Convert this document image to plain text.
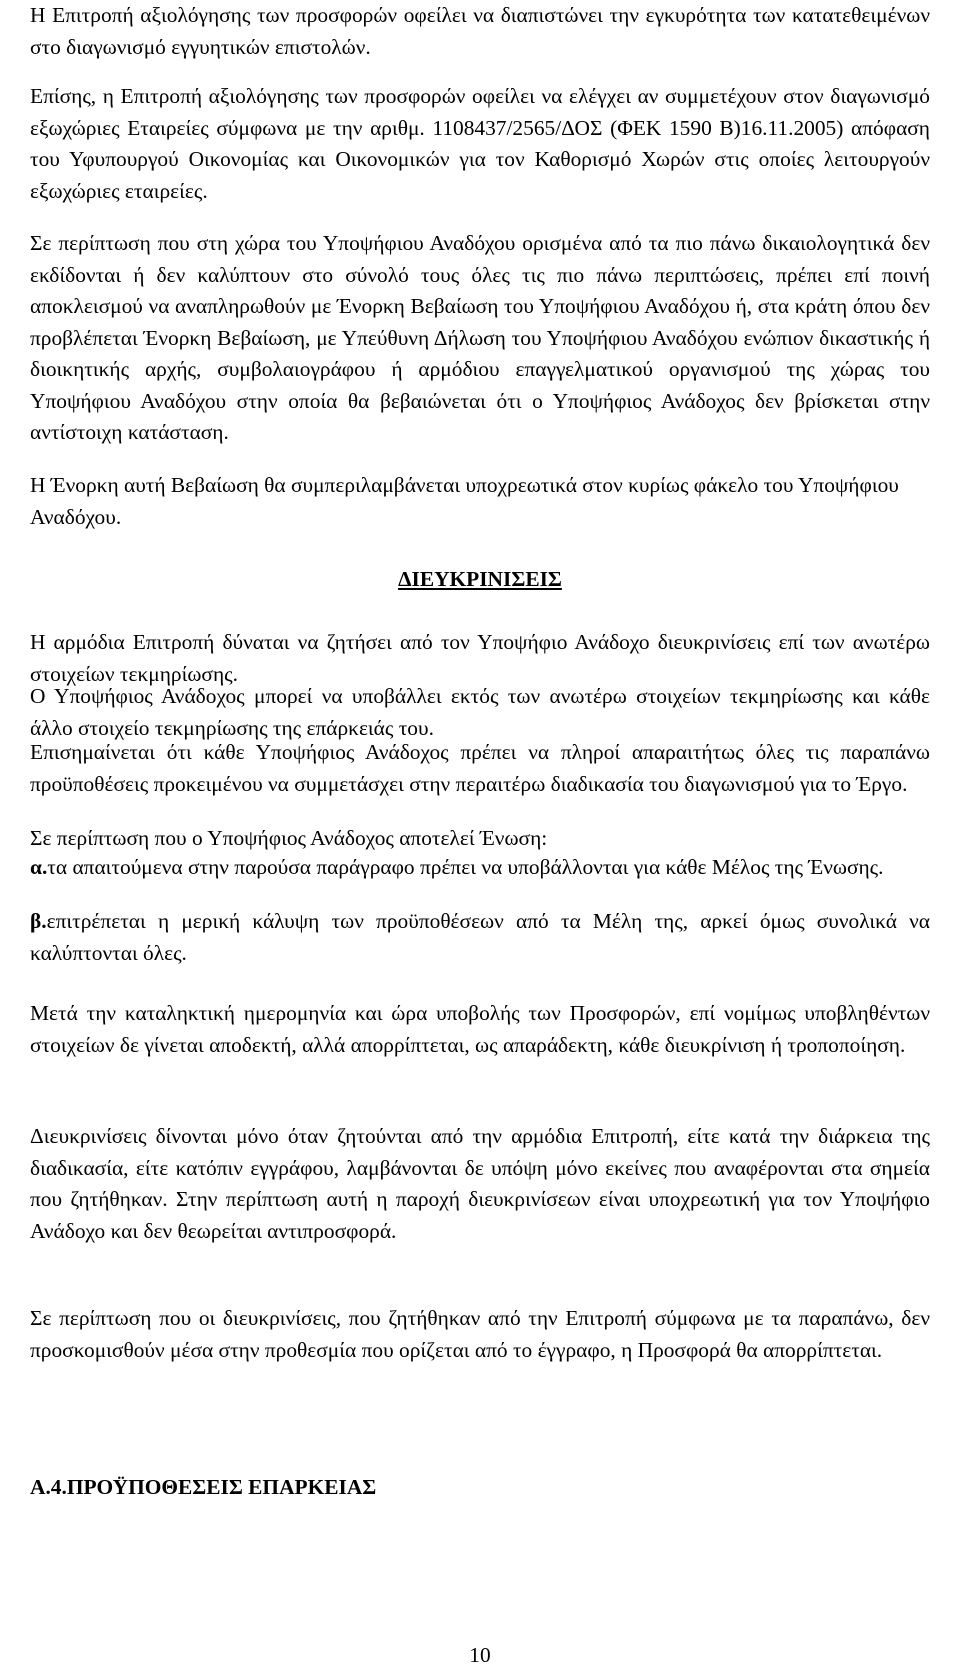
Η Επιτροπή αξιολόγησης των προσφορών οφείλει να διαπιστώνει την εγκυρότητα των κατατεθειμένων στο διαγωνισμό εγγυητικών επιστολών.

Επίσης, η Επιτροπή αξιολόγησης των προσφορών οφείλει να ελέγχει αν συμμετέχουν στον διαγωνισμό εξωχώριες Εταιρείες σύμφωνα με την αριθμ. 1108437/2565/ΔΟΣ (ΦΕΚ 1590 Β)16.11.2005) απόφαση του Υφυπουργού Οικονομίας και Οικονομικών για τον Καθορισμό Χωρών στις οποίες λειτουργούν εξωχώριες εταιρείες.

Σε περίπτωση που στη χώρα του Υποψήφιου Αναδόχου ορισμένα από τα πιο πάνω δικαιολογητικά δεν εκδίδονται ή δεν καλύπτουν στο σύνολό τους όλες τις πιο πάνω περιπτώσεις, πρέπει επί ποινή αποκλεισμού να αναπληρωθούν με Ένορκη Βεβαίωση του Υποψήφιου Αναδόχου ή, στα κράτη όπου δεν προβλέπεται Ένορκη Βεβαίωση, με Υπεύθυνη Δήλωση του Υποψήφιου Αναδόχου ενώπιον δικαστικής ή διοικητικής αρχής, συμβολαιογράφου ή αρμόδιου επαγγελματικού οργανισμού της χώρας του Υποψήφιου Αναδόχου στην οποία θα βεβαιώνεται ότι ο Υποψήφιος Ανάδοχος δεν βρίσκεται στην αντίστοιχη κατάσταση.

Η Ένορκη αυτή Βεβαίωση θα συμπεριλαμβάνεται υποχρεωτικά στον κυρίως φάκελο του Υποψήφιου Αναδόχου.

ΔΙΕΥΚΡΙΝΙΣΕΙΣ

Η αρμόδια Επιτροπή δύναται να ζητήσει από τον Υποψήφιο Ανάδοχο διευκρινίσεις επί των ανωτέρω στοιχείων τεκμηρίωσης.

Ο Υποψήφιος Ανάδοχος μπορεί να υποβάλλει εκτός των ανωτέρω στοιχείων τεκμηρίωσης και κάθε άλλο στοιχείο τεκμηρίωσης της επάρκειάς του.

Επισημαίνεται ότι κάθε Υποψήφιος Ανάδοχος πρέπει να πληροί απαραιτήτως όλες τις παραπάνω προϋποθέσεις προκειμένου να συμμετάσχει στην περαιτέρω διαδικασία του διαγωνισμού για το Έργο.

Σε περίπτωση που ο Υποψήφιος Ανάδοχος αποτελεί Ένωση:

α.τα απαιτούμενα στην παρούσα παράγραφο πρέπει να υποβάλλονται για κάθε Μέλος της Ένωσης.

β.επιτρέπεται η μερική κάλυψη των προϋποθέσεων από τα Μέλη της, αρκεί όμως συνολικά να καλύπτονται όλες.

Μετά την καταληκτική ημερομηνία και ώρα υποβολής των Προσφορών, επί νομίμως υποβληθέντων στοιχείων δε γίνεται αποδεκτή, αλλά απορρίπτεται, ως απαράδεκτη, κάθε διευκρίνιση ή τροποποίηση.

Διευκρινίσεις δίνονται μόνο όταν ζητούνται από την αρμόδια Επιτροπή, είτε κατά την διάρκεια της διαδικασία, είτε κατόπιν εγγράφου, λαμβάνονται δε υπόψη μόνο εκείνες που αναφέρονται στα σημεία που ζητήθηκαν. Στην περίπτωση αυτή η παροχή διευκρινίσεων είναι υποχρεωτική για τον Υποψήφιο Ανάδοχο και δεν θεωρείται αντιπροσφορά.

Σε περίπτωση που οι διευκρινίσεις, που ζητήθηκαν από την Επιτροπή σύμφωνα με τα παραπάνω, δεν προσκομισθούν μέσα στην προθεσμία που ορίζεται από το έγγραφο, η Προσφορά θα απορρίπτεται.

Α.4.ΠΡΟΫΠΟΘΕΣΕΙΣ ΕΠΑΡΚΕΙΑΣ

10
